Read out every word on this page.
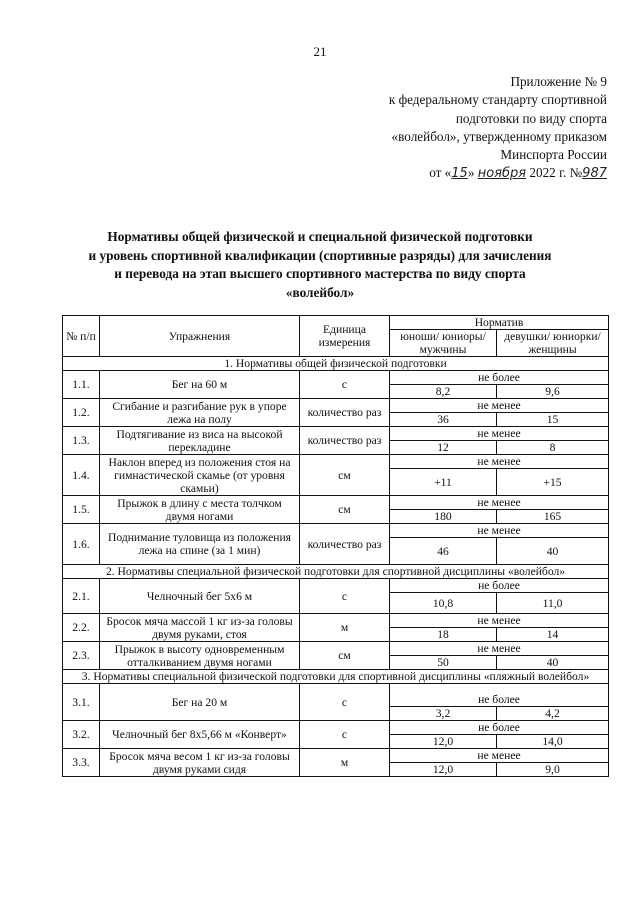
21
Приложение № 9
к федеральному стандарту спортивной
подготовки по виду спорта
«волейбол», утвержденному приказом
Минспорта России
от «15» ноября 2022 г. №987
Нормативы общей физической и специальной физической подготовки
и уровень спортивной квалификации (спортивные разряды) для зачисления
и перевода на этап высшего спортивного мастерства по виду спорта
«волейбол»
№ п/п	Упражнения	Единица измерения	Норматив	
			юноши/ юниоры/ мужчины	девушки/ юниорки/ женщины
1. Нормативы общей физической подготовки				
1.1.	Бег на 60 м	с	не более	
			8,2	9,6
1.2.	Сгибание и разгибание рук в упоре лежа на полу	количество раз	не менее	
			36	15
1.3.	Подтягивание из виса на высокой перекладине	количество раз	не менее	
			12	8
1.4.	Наклон вперед из положения стоя на гимнастической скамье (от уровня скамьи)	см	не менее	
			+11	+15
1.5.	Прыжок в длину с места толчком двумя ногами	см	не менее	
			180	165
1.6.	Поднимание туловища из положения лежа на спине (за 1 мин)	количество раз	не менее	
			46	40
2. Нормативы специальной физической подготовки для спортивной дисциплины «волейбол»				
2.1.	Челночный бег 5х6 м	с	не более	
			10,8	11,0
2.2.	Бросок мяча массой 1 кг из-за головы двумя руками, стоя	м	не менее	
			18	14
2.3.	Прыжок в высоту одновременным отталкиванием двумя ногами	см	не менее	
			50	40
3. Нормативы специальной физической подготовки для спортивной дисциплины «пляжный волейбол»				
3.1.	Бег на 20 м	с	не более	
			3,2	4,2
3.2.	Челночный бег 8х5,66 м «Конверт»	с	не более	
			12,0	14,0
3.3.	Бросок мяча весом 1 кг из-за головы двумя руками сидя	м	не менее	
			12,0	9,0
